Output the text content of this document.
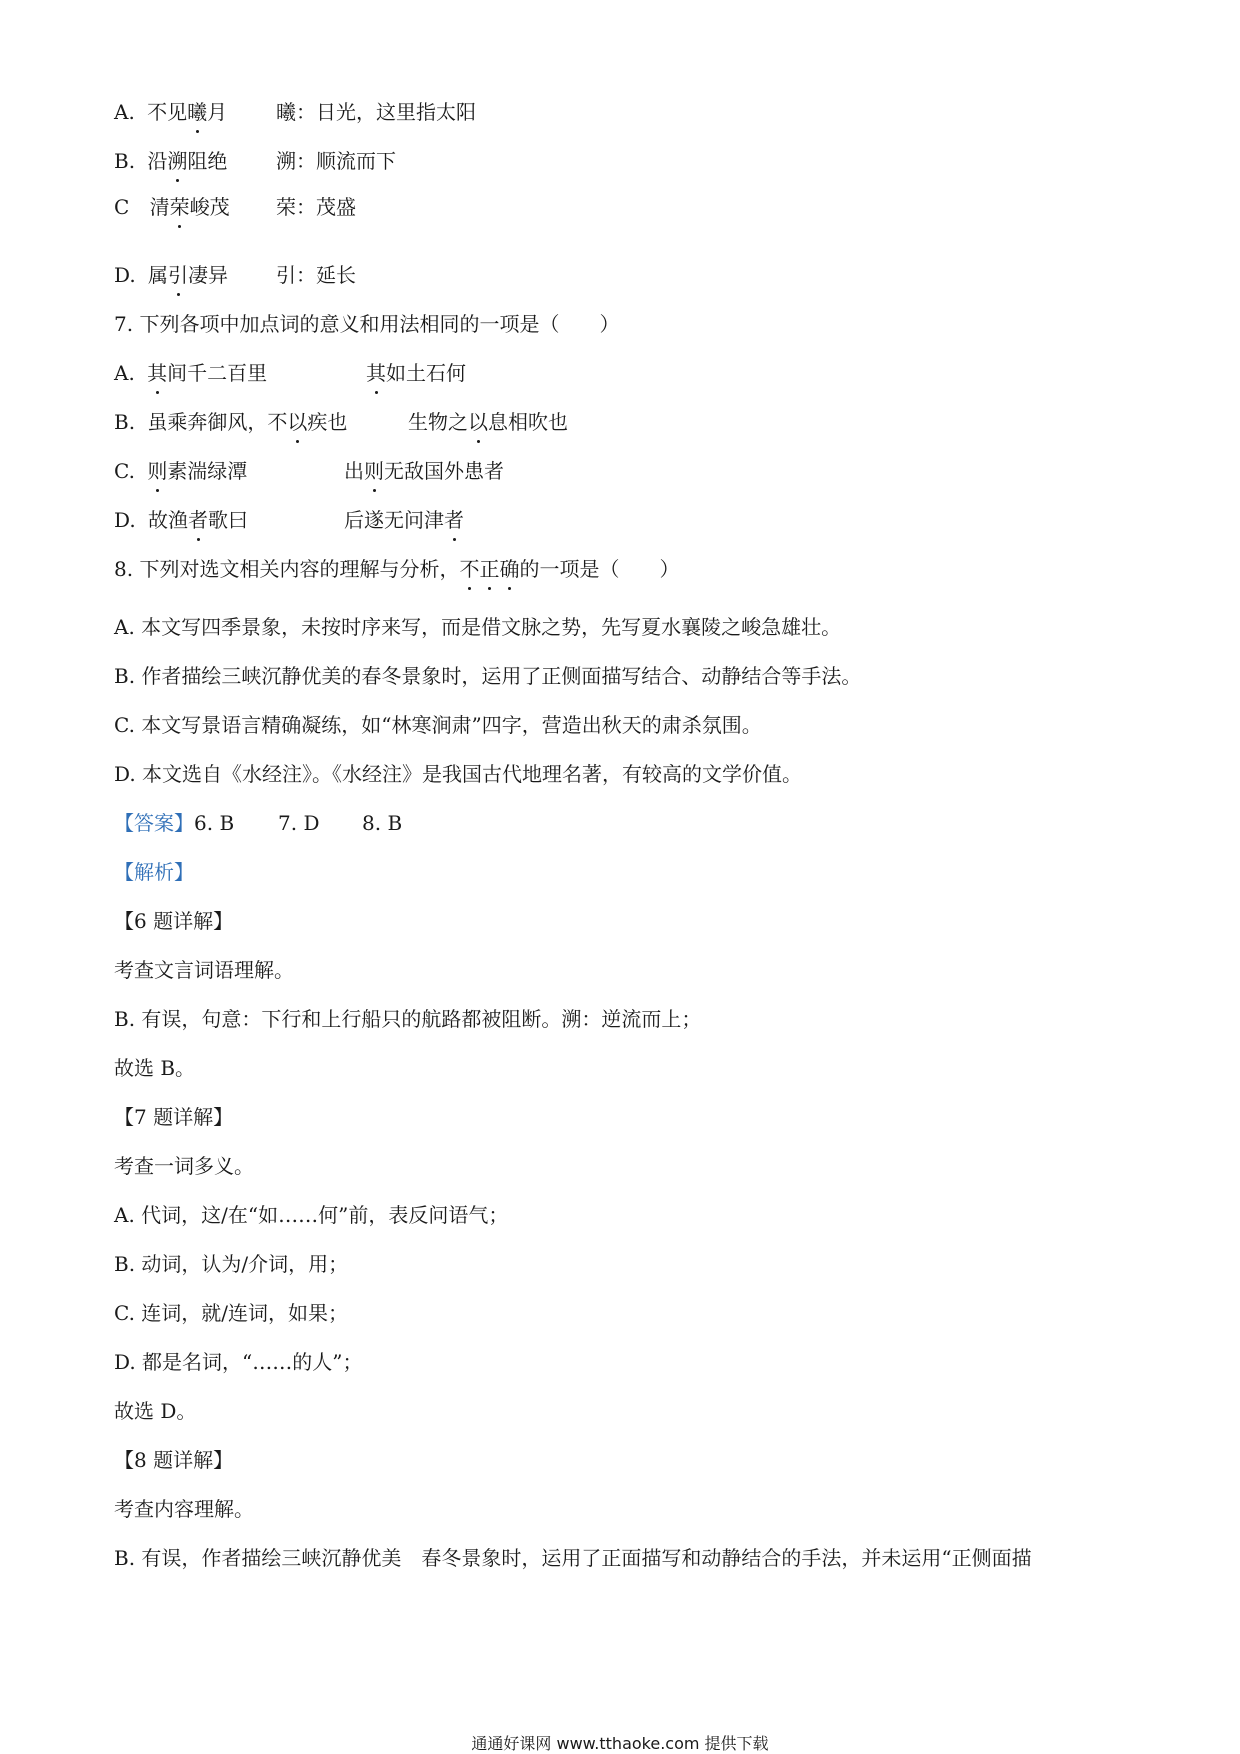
A. 不见曦月 曦：日光，这里指太阳
B. 沿溯阻绝 溯：顺流而下
C 清荣峻茂 荣：茂盛
D. 属引凄异 引：延长
7. 下列各项中加点词的意义和用法相同的一项是（　　）
A. 其间千二百里	其如土石何
B. 虽乘奔御风，不以疾也	生物之以息相吹也
C. 则素湍绿潭	出则无敌国外患者
D. 故渔者歌曰	后遂无问津者
8. 下列对选文相关内容的理解与分析，不正确的一项是（　　）
A. 本文写四季景象，未按时序来写，而是借文脉之势，先写夏水襄陵之峻急雄壮。
B. 作者描绘三峡沉静优美的春冬景象时，运用了正侧面描写结合、动静结合等手法。
C. 本文写景语言精确凝练，如“林寒涧肃”四字，营造出秋天的肃杀氛围。
D. 本文选自《水经注》。《水经注》是我国古代地理名著，有较高的文学价值。
【答案】6. B 7. D 8. B
【解析】
【6 题详解】
考查文言词语理解。
B. 有误，句意：下行和上行船只的航路都被阻断。溯：逆流而上；
故选 B。
【7 题详解】
考查一词多义。
A. 代词，这/在“如……何”前，表反问语气；
B. 动词，认为/介词，用；
C. 连词，就/连词，如果；
D. 都是名词，“……的人”；
故选 D。
【8 题详解】
考查内容理解。
B. 有误，作者描绘三峡沉静优美 春冬景象时，运用了正面描写和动静结合的手法，并未运用“正侧面描
通通好课网 www.tthaoke.com 提供下载
